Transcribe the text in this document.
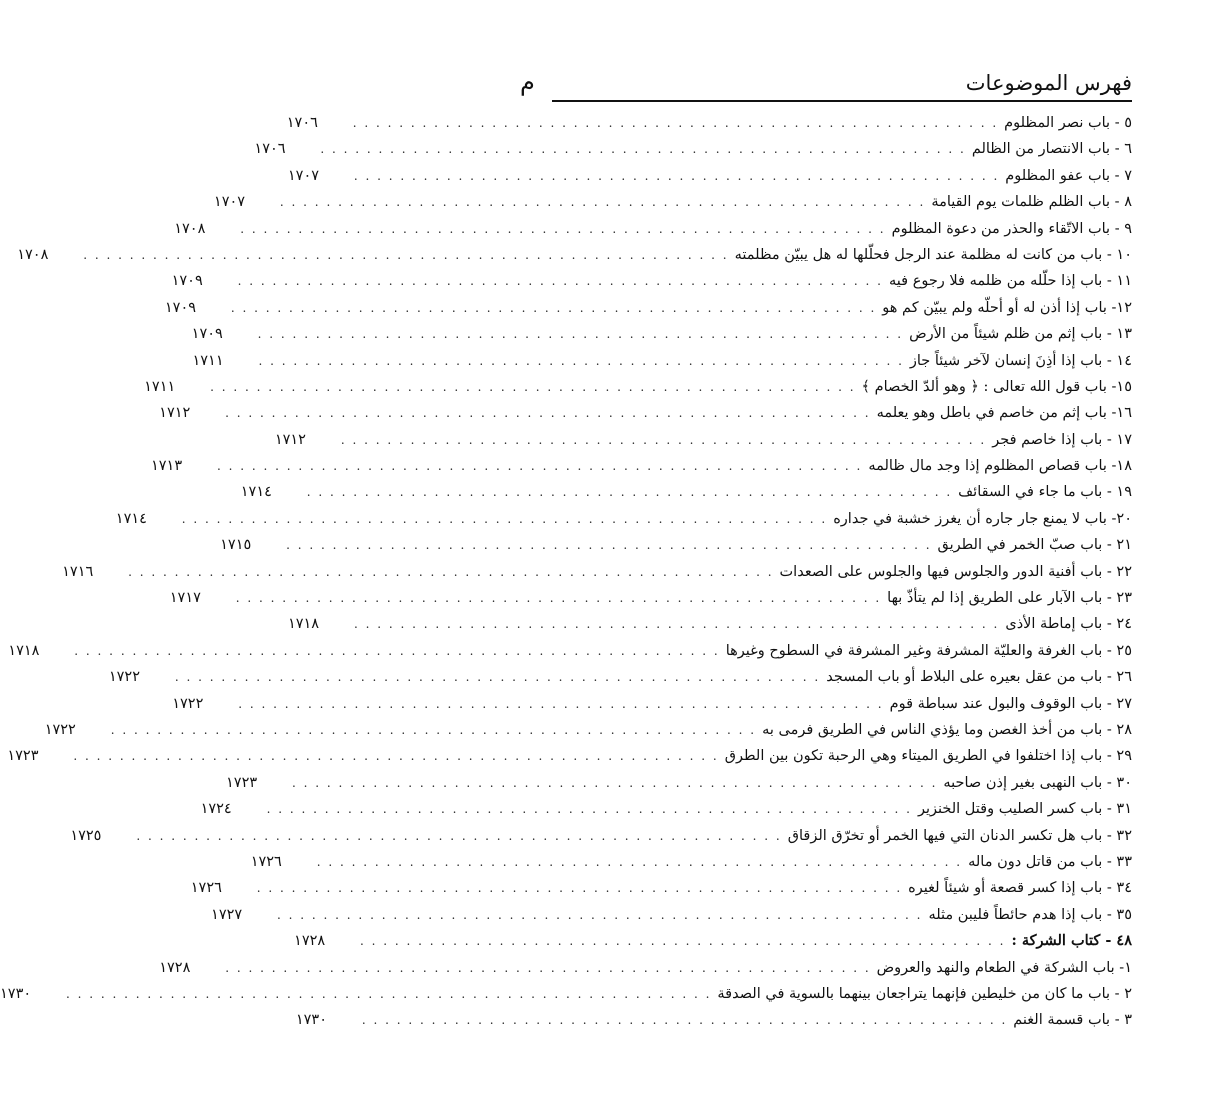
فهرس الموضوعات
م
٥ - باب نصر المظلوم
. . . . . . . . . . . . . . . . . . . . . . . . . . . . . . . . . . . . . . . . . . . . . . . . . . . . . . . .
١٧٠٦
٦ - باب الانتصار من الظالم
. . . . . . . . . . . . . . . . . . . . . . . . . . . . . . . . . . . . . . . . . . . . . . . . . . . . . . . .
١٧٠٦
٧ - باب عفو المظلوم
. . . . . . . . . . . . . . . . . . . . . . . . . . . . . . . . . . . . . . . . . . . . . . . . . . . . . . . .
١٧٠٧
٨ - باب الظلم ظلمات يوم القيامة
. . . . . . . . . . . . . . . . . . . . . . . . . . . . . . . . . . . . . . . . . . . . . . . . . . . . . . . .
١٧٠٧
٩ - باب الاتّقاء والحذر من دعوة المظلوم
. . . . . . . . . . . . . . . . . . . . . . . . . . . . . . . . . . . . . . . . . . . . . . . . . . . . . . . .
١٧٠٨
١٠ - باب من كانت له مظلمة عند الرجل فحلّلها له هل يبيّن مظلمته
. . . . . . . . . . . . . . . . . . . . . . . . . . . . . . . . . . . . . . . . . . . . . . . . . . . . . . . .
١٧٠٨
١١ - باب إذا حلّله من ظلمه فلا رجوع فيه
. . . . . . . . . . . . . . . . . . . . . . . . . . . . . . . . . . . . . . . . . . . . . . . . . . . . . . . .
١٧٠٩
١٢- باب إذا أذن له أو أحلّه ولم يبيّن كم هو
. . . . . . . . . . . . . . . . . . . . . . . . . . . . . . . . . . . . . . . . . . . . . . . . . . . . . . . .
١٧٠٩
١٣ - باب إثم من ظلم شيئاً من الأرض
. . . . . . . . . . . . . . . . . . . . . . . . . . . . . . . . . . . . . . . . . . . . . . . . . . . . . . . .
١٧٠٩
١٤ - باب إذا أذِنَ إنسان لآخر شيئاً جاز
. . . . . . . . . . . . . . . . . . . . . . . . . . . . . . . . . . . . . . . . . . . . . . . . . . . . . . . .
١٧١١
١٥- باب قول الله تعالى : ﴿ وهو ألدّ الخصام ﴾
. . . . . . . . . . . . . . . . . . . . . . . . . . . . . . . . . . . . . . . . . . . . . . . . . . . . . . . .
١٧١١
١٦- باب إثم من خاصم في باطل وهو يعلمه
. . . . . . . . . . . . . . . . . . . . . . . . . . . . . . . . . . . . . . . . . . . . . . . . . . . . . . . .
١٧١٢
١٧ - باب إذا خاصم فجر
. . . . . . . . . . . . . . . . . . . . . . . . . . . . . . . . . . . . . . . . . . . . . . . . . . . . . . . .
١٧١٢
١٨- باب قصاص المظلوم إذا وجد مال ظالمه
. . . . . . . . . . . . . . . . . . . . . . . . . . . . . . . . . . . . . . . . . . . . . . . . . . . . . . . .
١٧١٣
١٩ - باب ما جاء في السقائف
. . . . . . . . . . . . . . . . . . . . . . . . . . . . . . . . . . . . . . . . . . . . . . . . . . . . . . . .
١٧١٤
٢٠- باب لا يمنع جار جاره أن يغرز خشبة في جداره
. . . . . . . . . . . . . . . . . . . . . . . . . . . . . . . . . . . . . . . . . . . . . . . . . . . . . . . .
١٧١٤
٢١ - باب صبّ الخمر في الطريق
. . . . . . . . . . . . . . . . . . . . . . . . . . . . . . . . . . . . . . . . . . . . . . . . . . . . . . . .
١٧١٥
٢٢ - باب أفنية الدور والجلوس فيها والجلوس على الصعدات
. . . . . . . . . . . . . . . . . . . . . . . . . . . . . . . . . . . . . . . . . . . . . . . . . . . . . . . .
١٧١٦
٢٣ - باب الآبار على الطريق إذا لم يتأذّ بها
. . . . . . . . . . . . . . . . . . . . . . . . . . . . . . . . . . . . . . . . . . . . . . . . . . . . . . . .
١٧١٧
٢٤ - باب إماطة الأذى
. . . . . . . . . . . . . . . . . . . . . . . . . . . . . . . . . . . . . . . . . . . . . . . . . . . . . . . .
١٧١٨
٢٥ - باب الغرفة والعليّة المشرفة وغير المشرفة في السطوح وغيرها
. . . . . . . . . . . . . . . . . . . . . . . . . . . . . . . . . . . . . . . . . . . . . . . . . . . . . . . .
١٧١٨
٢٦ - باب من عقل بعيره على البلاط أو باب المسجد
. . . . . . . . . . . . . . . . . . . . . . . . . . . . . . . . . . . . . . . . . . . . . . . . . . . . . . . .
١٧٢٢
٢٧ - باب الوقوف والبول عند سباطة قوم
. . . . . . . . . . . . . . . . . . . . . . . . . . . . . . . . . . . . . . . . . . . . . . . . . . . . . . . .
١٧٢٢
٢٨ - باب من أخذ الغصن وما يؤذي الناس في الطريق فرمى به
. . . . . . . . . . . . . . . . . . . . . . . . . . . . . . . . . . . . . . . . . . . . . . . . . . . . . . . .
١٧٢٢
٢٩ - باب إذا اختلفوا في الطريق الميتاء وهي الرحبة تكون بين الطرق
. . . . . . . . . . . . . . . . . . . . . . . . . . . . . . . . . . . . . . . . . . . . . . . . . . . . . . . .
١٧٢٣
٣٠ - باب النهبى بغير إذن صاحبه
. . . . . . . . . . . . . . . . . . . . . . . . . . . . . . . . . . . . . . . . . . . . . . . . . . . . . . . .
١٧٢٣
٣١ - باب كسر الصليب وقتل الخنزير
. . . . . . . . . . . . . . . . . . . . . . . . . . . . . . . . . . . . . . . . . . . . . . . . . . . . . . . .
١٧٢٤
٣٢ - باب هل تكسر الدنان التي فيها الخمر أو تخرّق الزقاق
. . . . . . . . . . . . . . . . . . . . . . . . . . . . . . . . . . . . . . . . . . . . . . . . . . . . . . . .
١٧٢٥
٣٣ - باب من قاتل دون ماله
. . . . . . . . . . . . . . . . . . . . . . . . . . . . . . . . . . . . . . . . . . . . . . . . . . . . . . . .
١٧٢٦
٣٤ - باب إذا كسر قصعة أو شيئاً لغيره
. . . . . . . . . . . . . . . . . . . . . . . . . . . . . . . . . . . . . . . . . . . . . . . . . . . . . . . .
١٧٢٦
٣٥ - باب إذا هدم حائطاً فليبن مثله
. . . . . . . . . . . . . . . . . . . . . . . . . . . . . . . . . . . . . . . . . . . . . . . . . . . . . . . .
١٧٢٧
٤٨ - كتاب الشركة :
. . . . . . . . . . . . . . . . . . . . . . . . . . . . . . . . . . . . . . . . . . . . . . . . . . . . . . . .
١٧٢٨
١- باب الشركة في الطعام والنهد والعروض
. . . . . . . . . . . . . . . . . . . . . . . . . . . . . . . . . . . . . . . . . . . . . . . . . . . . . . . .
١٧٢٨
٢ - باب ما كان من خليطين فإنهما يتراجعان بينهما بالسوية في الصدقة
. . . . . . . . . . . . . . . . . . . . . . . . . . . . . . . . . . . . . . . . . . . . . . . . . . . . . . . .
١٧٣٠
٣ - باب قسمة الغنم
. . . . . . . . . . . . . . . . . . . . . . . . . . . . . . . . . . . . . . . . . . . . . . . . . . . . . . . .
١٧٣٠
